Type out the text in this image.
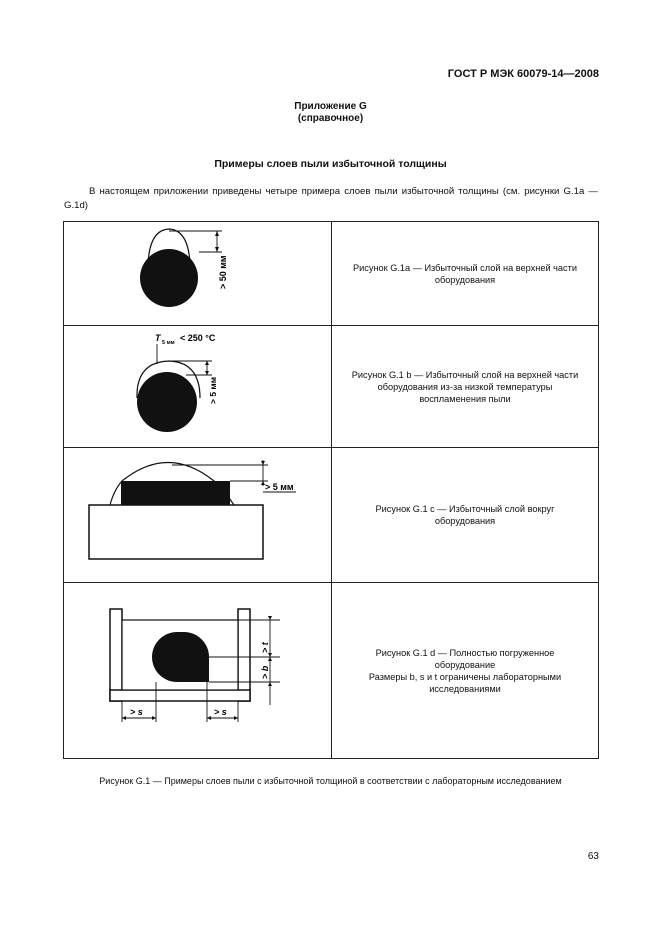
ГОСТ Р МЭК 60079-14—2008
Приложение G
(справочное)
Примеры слоев пыли избыточной толщины
В настоящем приложении приведены четыре примера слоев пыли избыточной толщины (см. рисунки G.1a —G.1d)
> 50 мм	Рисунок G.1a — Избыточный слой на верхней части
оборудования

T 5 мм < 250 °C
> 5 мм	Рисунок G.1 b — Избыточный слой на верхней части
оборудования из-за низкой температуры
воспламенения пыли

> 5 мм	Рисунок G.1 c — Избыточный слой вокруг
оборудования

> t
> b
> s > s	Рисунок G.1 d — Полностью погруженное
оборудование
Размеры b, s и t ограничены лабораторными
исследованиями
Рисунок G.1 — Примеры слоев пыли с избыточной толщиной в соответствии с лабораторным исследованием
63
